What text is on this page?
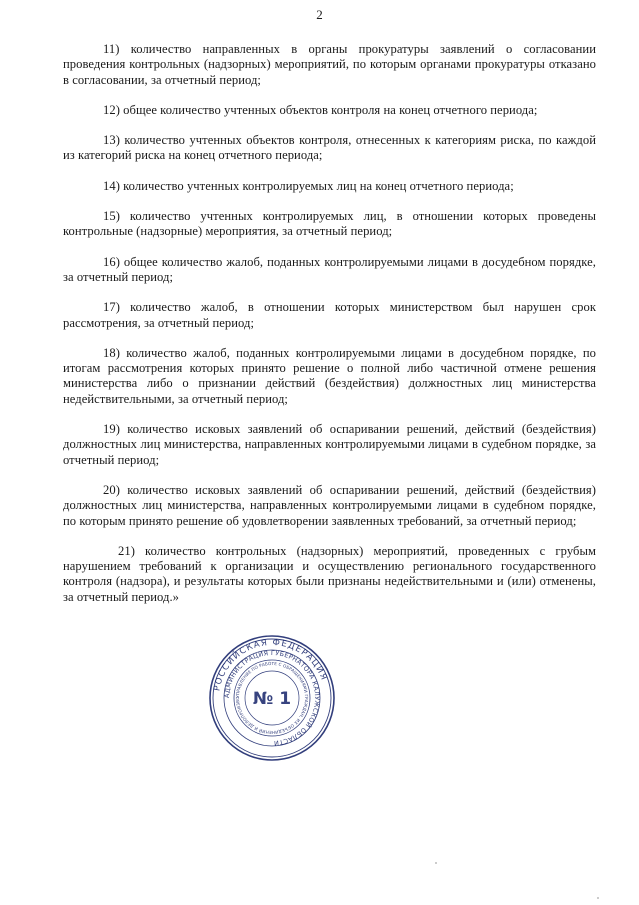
2

11) количество направленных в органы прокуратуры заявлений о согласовании проведения контрольных (надзорных) мероприятий, по которым органами прокуратуры отказано в согласовании, за отчетный период;

12) общее количество учтенных объектов контроля на конец отчетного периода;

13) количество учтенных объектов контроля, отнесенных к категориям риска, по каждой из категорий риска на конец отчетного периода;

14) количество учтенных контролируемых лиц на конец отчетного периода;

15) количество учтенных контролируемых лиц, в отношении которых проведены контрольные (надзорные) мероприятия, за отчетный период;

16) общее количество жалоб, поданных контролируемыми лицами в досудебном порядке, за отчетный период;

17) количество жалоб, в отношении которых министерством был нарушен срок рассмотрения, за отчетный период;

18) количество жалоб, поданных контролируемыми лицами в досудебном порядке, по итогам рассмотрения которых принято решение о полной либо частичной отмене решения министерства либо о признании действий (бездействия) должностных лиц министерства недействительными, за отчетный период;

19) количество исковых заявлений об оспаривании решений, действий (бездействия) должностных лиц министерства, направленных контролируемыми лицами в судебном порядке, за отчетный период;

20) количество исковых заявлений об оспаривании решений, действий (бездействия) должностных лиц министерства, направленных контролируемыми лицами в судебном порядке, по которым принято решение об удовлетворении заявленных требований, за отчетный период;

21) количество контрольных (надзорных) мероприятий, проведенных с грубым нарушением требований к организации и осуществлению регионального государственного контроля (надзора), и результаты которых были признаны недействительными и (или) отменены, за отчетный период.»

РОССИЙСКАЯ ФЕДЕРАЦИЯ
АДМИНИСТРАЦИЯ ГУБЕРНАТОРА КАЛУЖСКОЙ ОБЛАСТИ
УПРАВЛЕНИЕ ПО РАБОТЕ С ОБРАЩЕНИЯМИ ГРАЖДАН, ИХ ОБЪЕДИНЕНИЙ И ДЕЛОПРОИЗВО № 1
